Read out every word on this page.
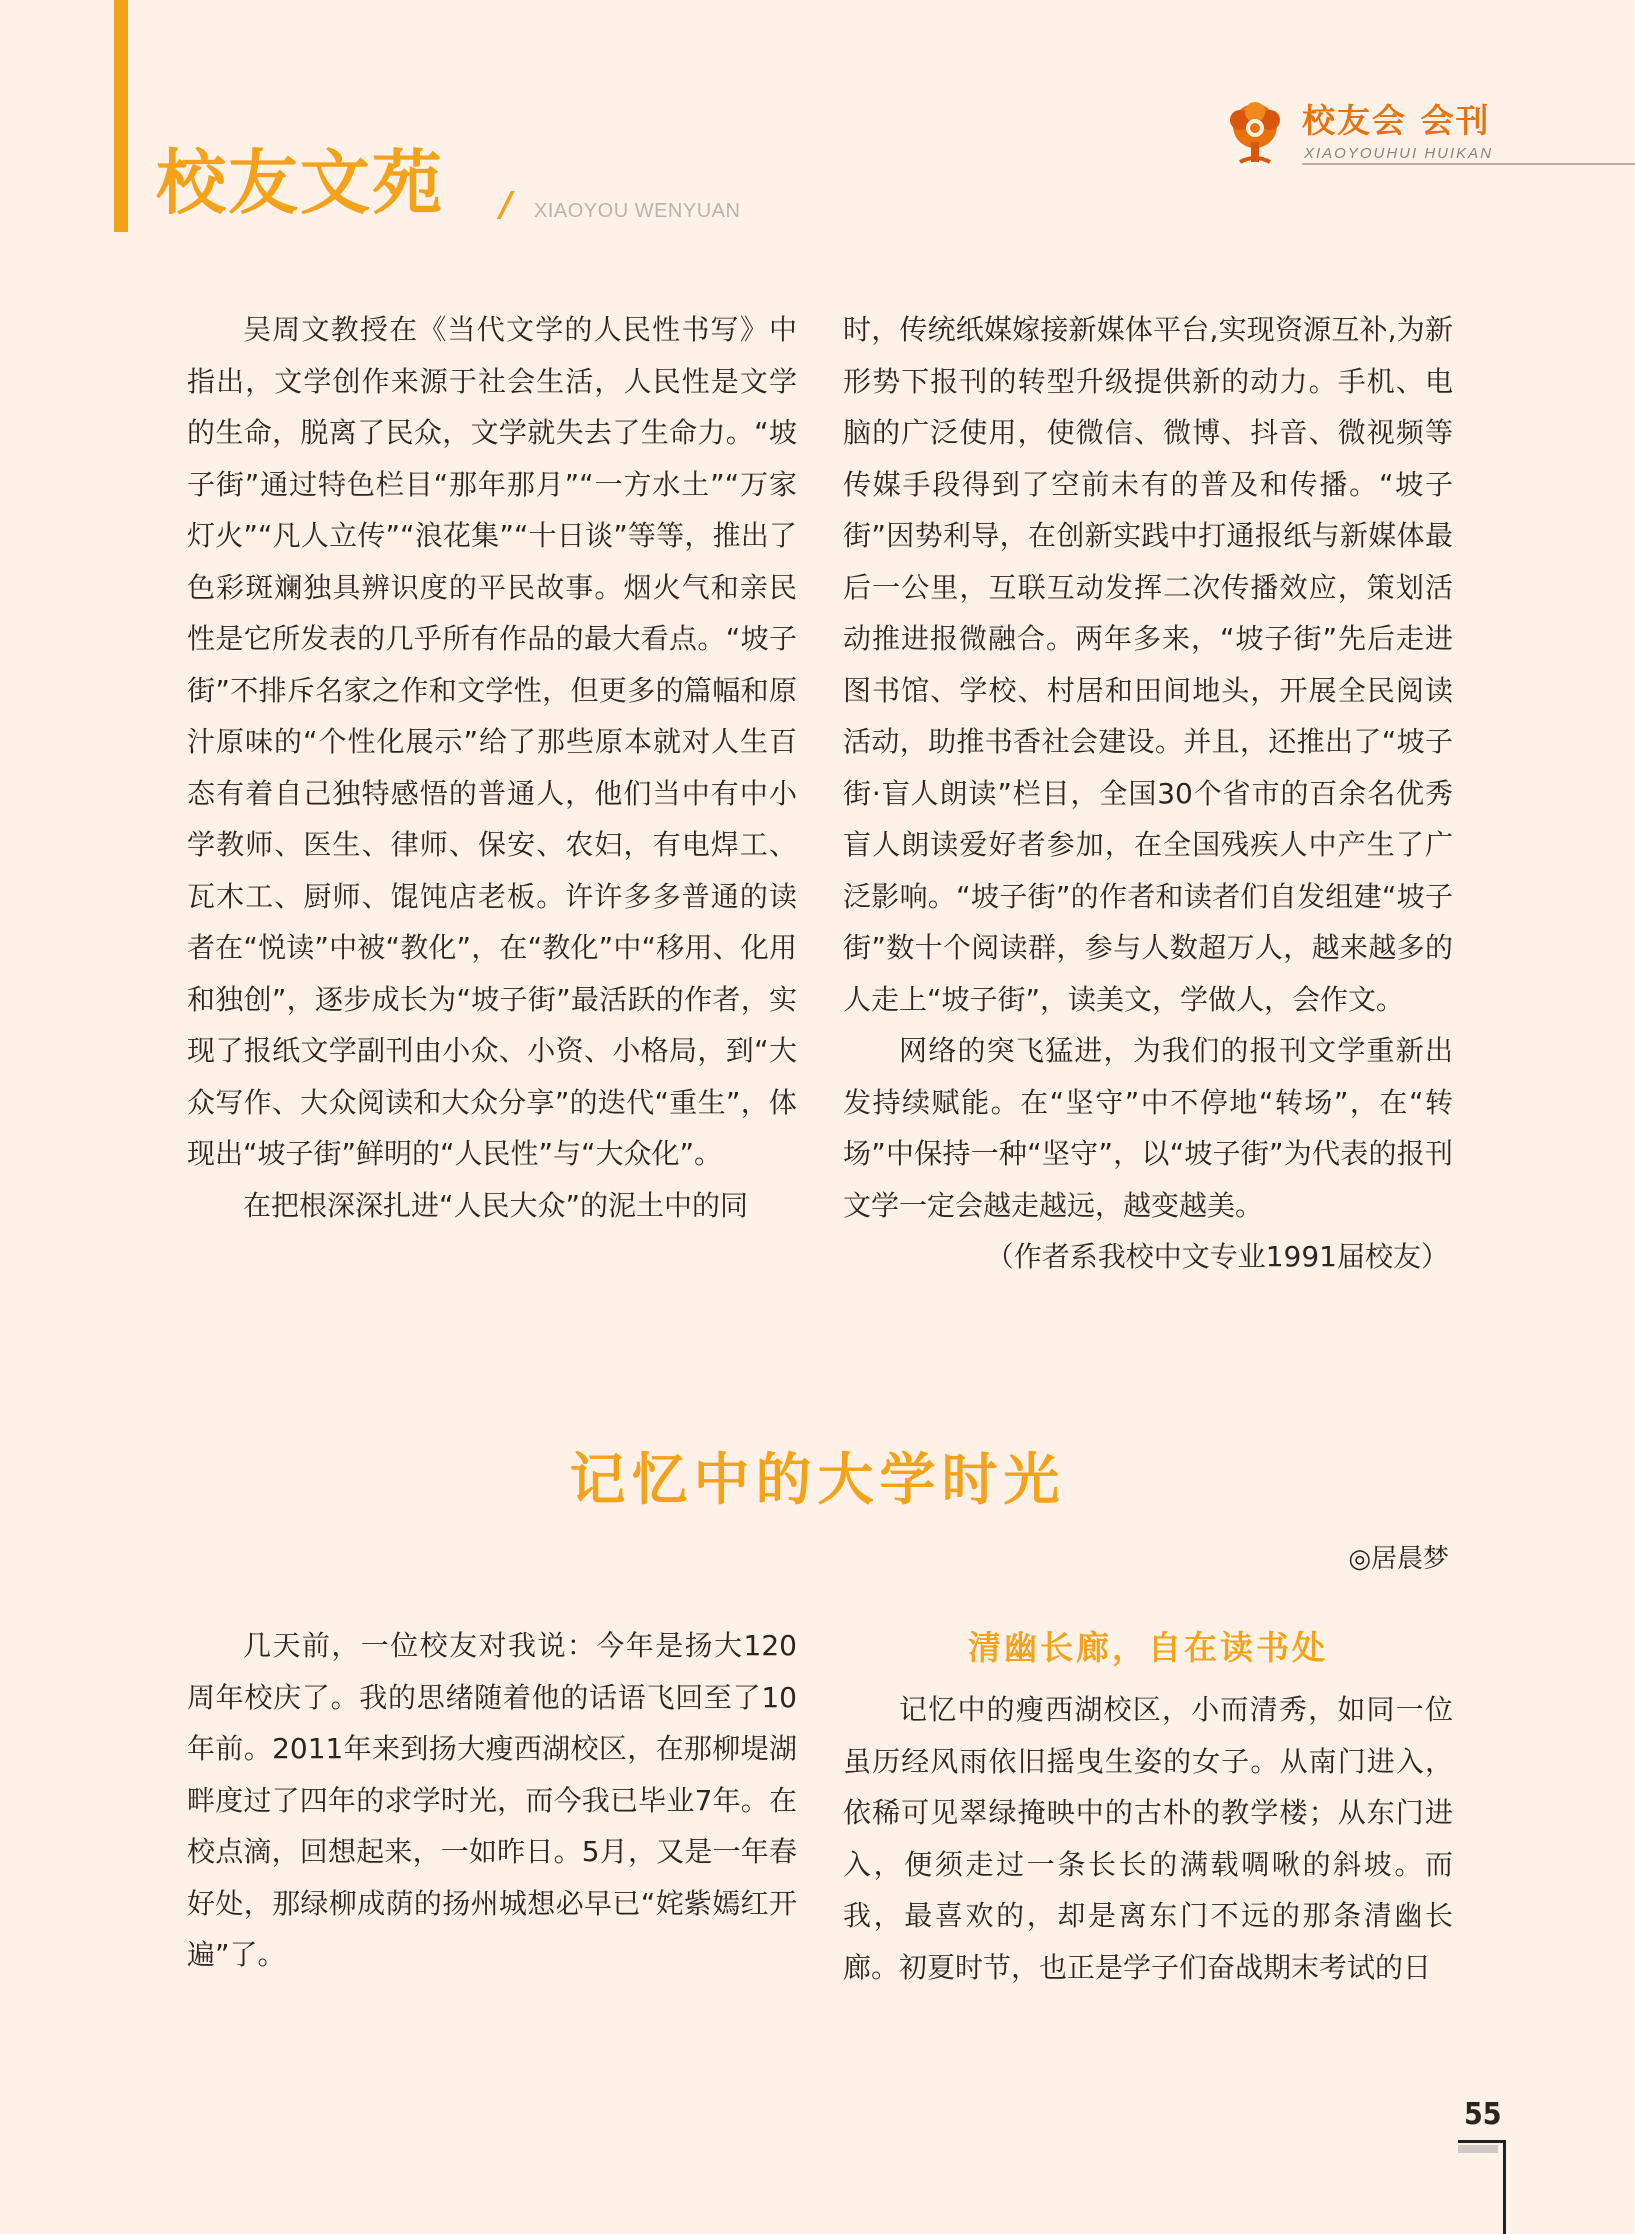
校友文苑 / XIAOYOU WENYUAN
校友会 会刊
XIAOYOUHUI HUIKAN

吴周文教授在《当代文学的人民性书写》中指出，文学创作来源于社会生活，人民性是文学的生命，脱离了民众，文学就失去了生命力。“坡子街”通过特色栏目“那年那月”“一方水土”“万家灯火”“凡人立传”“浪花集”“十日谈”等等，推出了色彩斑斓独具辨识度的平民故事。烟火气和亲民性是它所发表的几乎所有作品的最大看点。“坡子街”不排斥名家之作和文学性，但更多的篇幅和原汁原味的“个性化展示”给了那些原本就对人生百态有着自己独特感悟的普通人，他们当中有中小学教师、医生、律师、保安、农妇，有电焊工、瓦木工、厨师、馄饨店老板。许许多多普通的读者在“悦读”中被“教化”，在“教化”中“移用、化用和独创”，逐步成长为“坡子街”最活跃的作者，实现了报纸文学副刊由小众、小资、小格局，到“大众写作、大众阅读和大众分享”的迭代“重生”，体现出“坡子街”鲜明的“人民性”与“大众化”。

在把根深深扎进“人民大众”的泥土中的同

时，传统纸媒嫁接新媒体平台,实现资源互补,为新形势下报刊的转型升级提供新的动力。手机、电脑的广泛使用，使微信、微博、抖音、微视频等传媒手段得到了空前未有的普及和传播。“坡子街”因势利导，在创新实践中打通报纸与新媒体最后一公里，互联互动发挥二次传播效应，策划活动推进报微融合。两年多来，“坡子街”先后走进图书馆、学校、村居和田间地头，开展全民阅读活动，助推书香社会建设。并且，还推出了“坡子街·盲人朗读”栏目，全国30个省市的百余名优秀盲人朗读爱好者参加，在全国残疾人中产生了广泛影响。“坡子街”的作者和读者们自发组建“坡子街”数十个阅读群，参与人数超万人，越来越多的人走上“坡子街”，读美文，学做人，会作文。

网络的突飞猛进，为我们的报刊文学重新出发持续赋能。在“坚守”中不停地“转场”，在“转场”中保持一种“坚守”，以“坡子街”为代表的报刊文学一定会越走越远，越变越美。

（作者系我校中文专业1991届校友）

记忆中的大学时光
◎居晨梦

几天前，一位校友对我说：今年是扬大120周年校庆了。我的思绪随着他的话语飞回至了10年前。2011年来到扬大瘦西湖校区，在那柳堤湖畔度过了四年的求学时光，而今我已毕业7年。在校点滴，回想起来，一如昨日。5月，又是一年春好处，那绿柳成荫的扬州城想必早已“姹紫嫣红开遍”了。

清幽长廊，自在读书处

记忆中的瘦西湖校区，小而清秀，如同一位虽历经风雨依旧摇曳生姿的女子。从南门进入，依稀可见翠绿掩映中的古朴的教学楼；从东门进入，便须走过一条长长的满载啁啾的斜坡。而我，最喜欢的，却是离东门不远的那条清幽长廊。初夏时节，也正是学子们奋战期末考试的日

55
